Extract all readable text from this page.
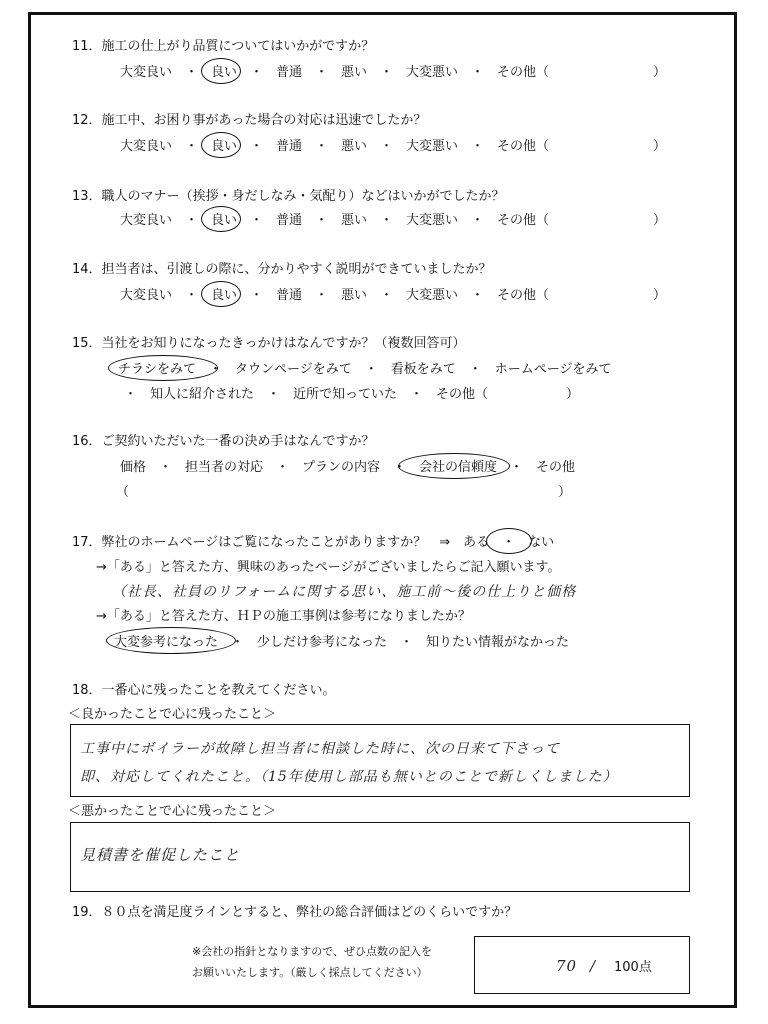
11．施工の仕上がり品質についてはいかがですか？
大変良い　・　良い　・　普通　・　悪い　・　大変悪い　・　その他（　　　　　　　　）
12．施工中、お困り事があった場合の対応は迅速でしたか？
大変良い　・　良い　・　普通　・　悪い　・　大変悪い　・　その他（　　　　　　　　）
13．職人のマナー（挨拶・身だしなみ・気配り）などはいかがでしたか？
大変良い　・　良い　・　普通　・　悪い　・　大変悪い　・　その他（　　　　　　　　）
14．担当者は、引渡しの際に、分かりやすく説明ができていましたか？
大変良い　・　良い　・　普通　・　悪い　・　大変悪い　・　その他（　　　　　　　　）
15．当社をお知りになったきっかけはなんですか？（複数回答可）
チラシをみて　・　タウンページをみて　・　看板をみて　・　ホームページをみて
・　知人に紹介された　・　近所で知っていた　・　その他（　　　　　　）
16．ご契約いただいた一番の決め手はなんですか？
価格　・　担当者の対応　・　プランの内容　・　会社の信頼度　・　その他
（　　　　　　　　　　　　　　　　　　　　　　　　　　　　　　　　　）
17．弊社のホームページはご覧になったことがありますか？　⇒　ある　・　ない
→「ある」と答えた方、興味のあったページがございましたらご記入願います。
（社長、社員のリフォームに関する思い、施工前～後の仕上りと価格
→「ある」と答えた方、ＨＰの施工事例は参考になりましたか？
大変参考になった　・　少しだけ参考になった　・　知りたい情報がなかった
18．一番心に残ったことを教えてください。
＜良かったことで心に残ったこと＞
工事中にボイラーが故障し担当者に相談した時に、次の日来て下さって
即、対応してくれたこと。（15年使用し部品も無いとのことで新しくしました）
＜悪かったことで心に残ったこと＞
見積書を催促したこと
19．８０点を満足度ラインとすると、弊社の総合評価はどのくらいですか？
※会社の指針となりますので、ぜひ点数の記入を
お願いいたします。（厳しく採点してください）	70 / 100点
